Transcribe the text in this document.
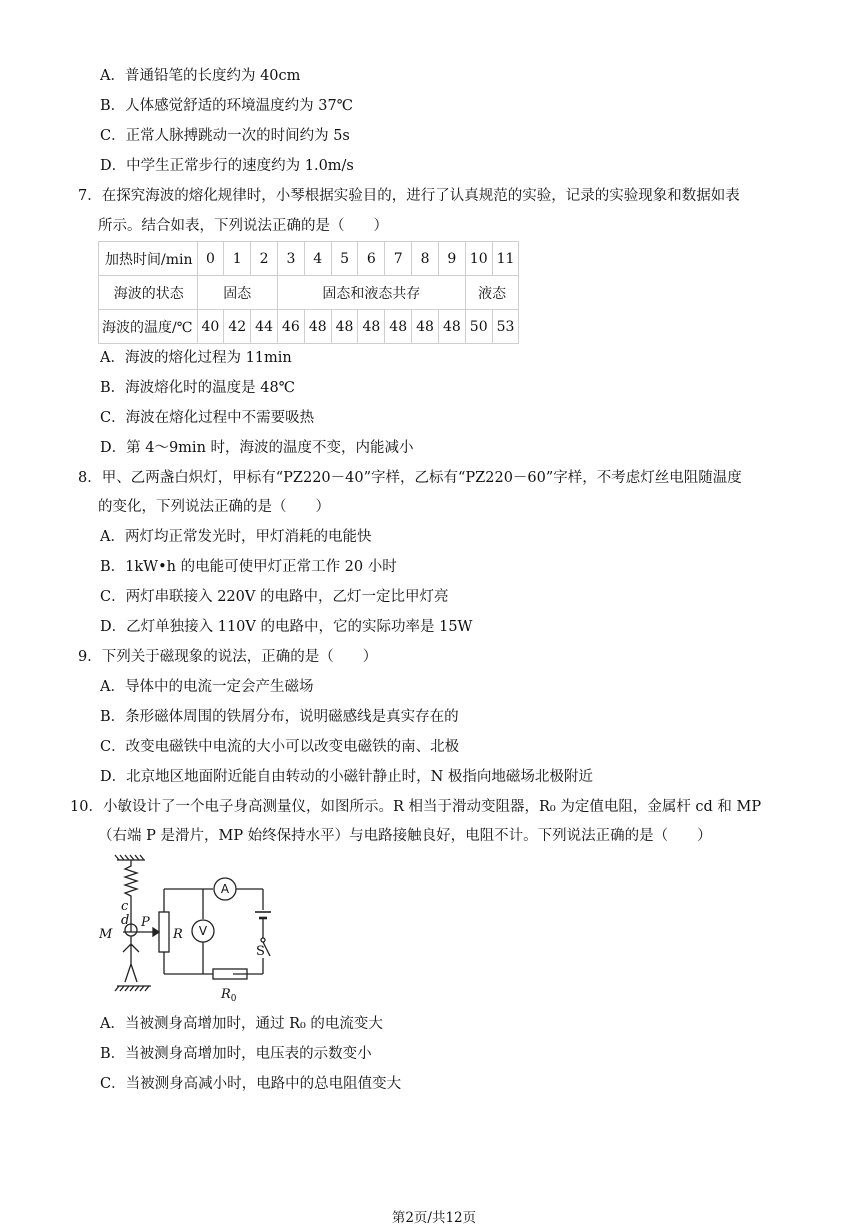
A．普通铅笔的长度约为 40cm
B．人体感觉舒适的环境温度约为 37℃
C．正常人脉搏跳动一次的时间约为 5s
D．中学生正常步行的速度约为 1.0m/s
7．在探究海波的熔化规律时，小琴根据实验目的，进行了认真规范的实验，记录的实验现象和数据如表
所示。结合如表，下列说法正确的是（　　）
加热时间/min	0	1	2	3	4	5	6	7	8	9	10	11
海波的状态	固态			固态和液态共存							液态	
海波的温度/℃	40	42	44	46	48	48	48	48	48	48	50	53
A．海波的熔化过程为 11min
B．海波熔化时的温度是 48℃
C．海波在熔化过程中不需要吸热
D．第 4～9min 时，海波的温度不变，内能减小
8．甲、乙两盏白炽灯，甲标有“PZ220－40”字样，乙标有“PZ220－60”字样，不考虑灯丝电阻随温度
的变化，下列说法正确的是（　　）
A．两灯均正常发光时，甲灯消耗的电能快
B．1kW•h 的电能可使甲灯正常工作 20 小时
C．两灯串联接入 220V 的电路中，乙灯一定比甲灯亮
D．乙灯单独接入 110V 的电路中，它的实际功率是 15W
9．下列关于磁现象的说法，正确的是（　　）
A．导体中的电流一定会产生磁场
B．条形磁体周围的铁屑分布，说明磁感线是真实存在的
C．改变电磁铁中电流的大小可以改变电磁铁的南、北极
D．北京地区地面附近能自由转动的小磁针静止时，N 极指向地磁场北极附近
10．小敏设计了一个电子身高测量仪，如图所示。R 相当于滑动变阻器，R₀ 为定值电阻，金属杆 cd 和 MP
（右端 P 是滑片，MP 始终保持水平）与电路接触良好，电阻不计。下列说法正确的是（　　）
c
d
M
P
R
S
$R_0$
A
V
A．当被测身高增加时，通过 R₀ 的电流变大
B．当被测身高增加时，电压表的示数变小
C．当被测身高减小时，电路中的总电阻值变大
第2页/共12页
